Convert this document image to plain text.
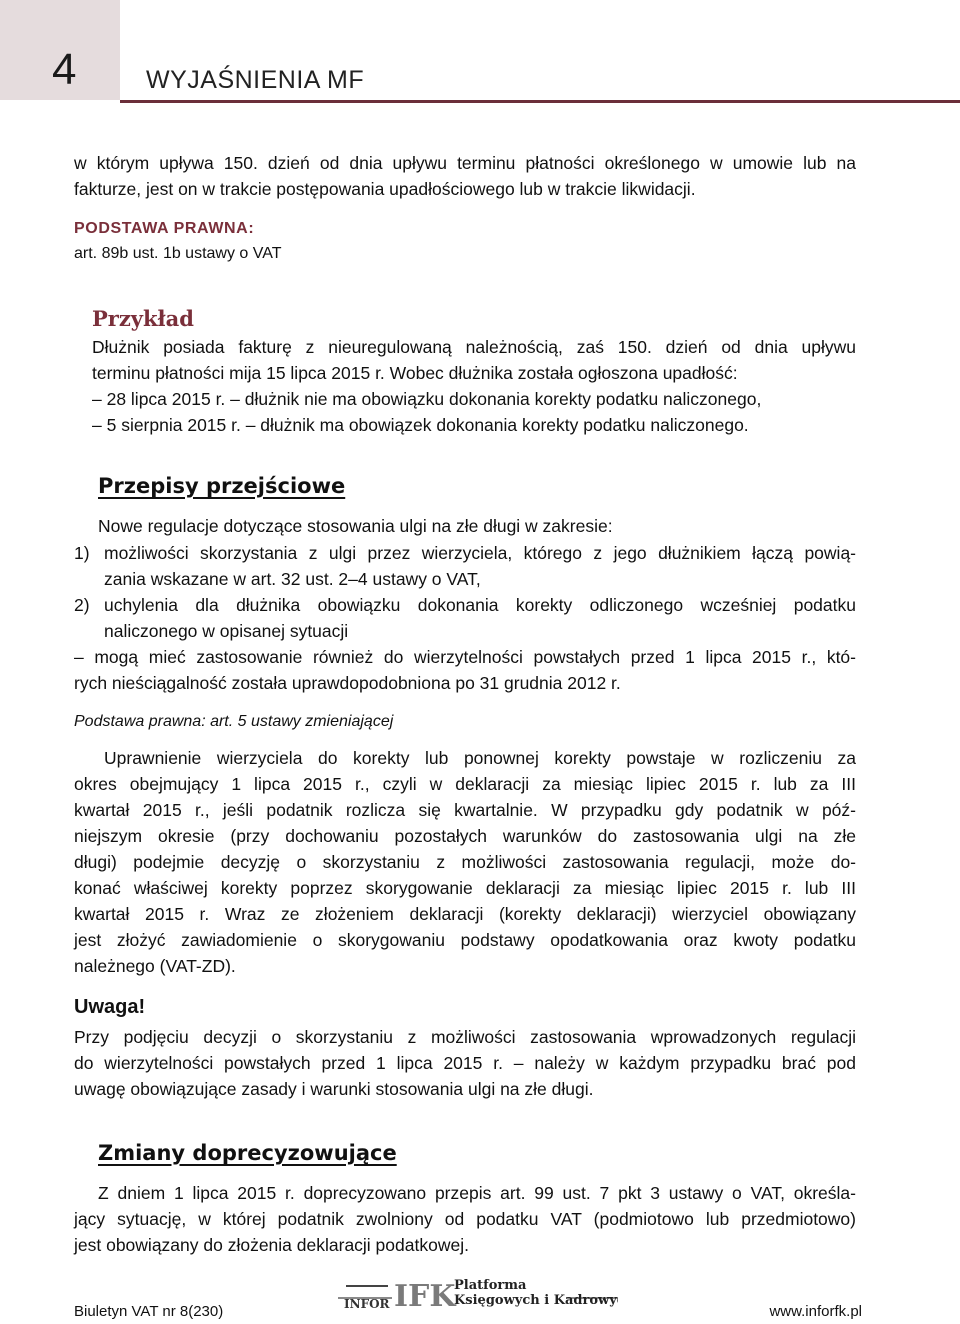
4	WYJAŚNIENIA MF
w którym upływa 150. dzień od dnia upływu terminu płatności określonego w umowie lub na
fakturze, jest on w trakcie postępowania upadłościowego lub w trakcie likwidacji.
PODSTAWA PRAWNA:
art. 89b ust. 1b ustawy o VAT
Przykład
Dłużnik posiada fakturę z nieuregulowaną należnością, zaś 150. dzień od dnia upływu
terminu płatności mija 15 lipca 2015 r. Wobec dłużnika została ogłoszona upadłość:
– 28 lipca 2015 r. – dłużnik nie ma obowiązku dokonania korekty podatku naliczonego,
– 5 sierpnia 2015 r. – dłużnik ma obowiązek dokonania korekty podatku naliczonego.
Przepisy przejściowe
Nowe regulacje dotyczące stosowania ulgi na złe długi w zakresie:
1) możliwości skorzystania z ulgi przez wierzyciela, którego z jego dłużnikiem łączą powią-
zania wskazane w art. 32 ust. 2–4 ustawy o VAT,
2) uchylenia dla dłużnika obowiązku dokonania korekty odliczonego wcześniej podatku
naliczonego w opisanej sytuacji
– mogą mieć zastosowanie również do wierzytelności powstałych przed 1 lipca 2015 r., któ-
rych nieściągalność została uprawdopodobniona po 31 grudnia 2012 r.
Podstawa prawna: art. 5 ustawy zmieniającej
Uprawnienie wierzyciela do korekty lub ponownej korekty powstaje w rozliczeniu za
okres obejmujący 1 lipca 2015 r., czyli w deklaracji za miesiąc lipiec 2015 r. lub za III
kwartał 2015 r., jeśli podatnik rozlicza się kwartalnie. W przypadku gdy podatnik w póź-
niejszym okresie (przy dochowaniu pozostałych warunków do zastosowania ulgi na złe
długi) podejmie decyzję o skorzystaniu z możliwości zastosowania regulacji, może do-
konać właściwej korekty poprzez skorygowanie deklaracji za miesiąc lipiec 2015 r. lub III
kwartał 2015 r. Wraz ze złożeniem deklaracji (korekty deklaracji) wierzyciel obowiązany
jest złożyć zawiadomienie o skorygowaniu podstawy opodatkowania oraz kwoty podatku
należnego (VAT-ZD).
Uwaga!
Przy podjęciu decyzji o skorzystaniu z możliwości zastosowania wprowadzonych regulacji
do wierzytelności powstałych przed 1 lipca 2015 r. – należy w każdym przypadku brać pod
uwagę obowiązujące zasady i warunki stosowania ulgi na złe długi.
Zmiany doprecyzowujące
Z dniem 1 lipca 2015 r. doprecyzowano przepis art. 99 ust. 7 pkt 3 ustawy o VAT, określa-
jący sytuację, w której podatnik zwolniony od podatku VAT (podmiotowo lub przedmiotowo)
jest obowiązany do złożenia deklaracji podatkowej.
Biuletyn VAT nr 8(230)	www.inforfk.pl
INFOR IFK
Platforma
Księgowych i Kadrowych
